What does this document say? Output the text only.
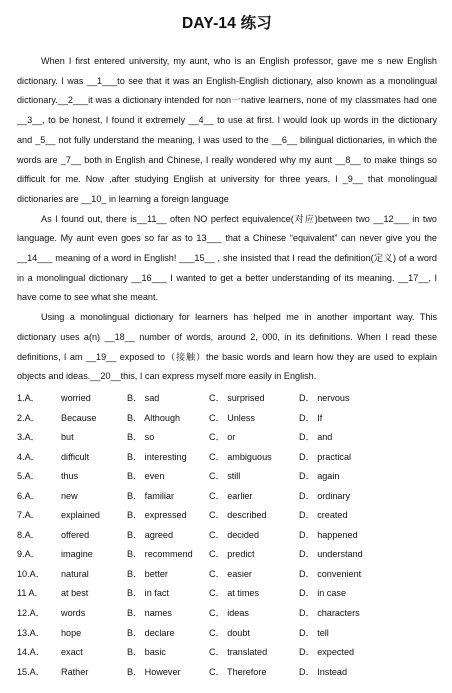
DAY-14 练习

When I first entered university, my aunt, who is an English professor, gave me s new English dictionary. I was __1___to see that it was an English-English dictionary, also known as a monolingual dictionary.__2___it was a dictionary intended for non一native learners, none of my classmates had one __3__, to be honest, I found it extremely __4__ to use at first. I would look up words in the dictionary and _5__ not fully understand the meaning, I was used to the __6__ bilingual dictionaries, in which the words are _7__ both in English and Chinese, I really wondered why my aunt __8__ to make things so difficult for me. Now ,after studying English at university for three years, I _9__ that monolingual dictionaries are __10_ in learning a foreign language

As I found out, there is__11__ often NO perfect equivalence(对应)between two __12___ in two language. My aunt even goes so far as to 13___ that a Chinese “equivalent” can never give you the __14___ meaning of a word in English! ___15__ , she insisted that I read the definition(定义) of a word in a monolingual dictionary __16___ I wanted to get a better understanding of its meaning. __17__, I have come to see what she meant.

Using a monolingual dictionary for learners has helped me in another important way. This dictionary uses a(n) __18__ number of words, around 2, 000, in its definitions. When I read these definitions, I am __19__ exposed to（接触）the basic words and learn how they are used to explain objects and ideas.__20__this, I can express myself more easily in English.

1.A． worried	B． sad	C． surprised	D． nervous
2.A． Because	B． Although	C． Unless	D． If
3.A． but	B． so	C． or	D． and
4.A． difficult	B． interesting C． ambiguous	D． practical
5.A． thus	B． even	C． still	D． again
6.A． new	B． familiar	C． earlier	D． ordinary
7.A． explained	B． expressed C． described	D． created
8.A． offered	B． agreed	C． decided	D． happened
9.A． imagine	B． recommend C． predict	D． understand
10.A． natural	B． better	C． easier	D． convenient
11 A． at best	B． in fact	C． at times	D． in case
12.A． words	B． names	C． ideas	D． characters
13.A． hope	B． declare	C． doubt	D． tell
14.A． exact	B． basic	C． translated	D． expected
15.A． Rather	B． However	C． Therefore	D． Instead
